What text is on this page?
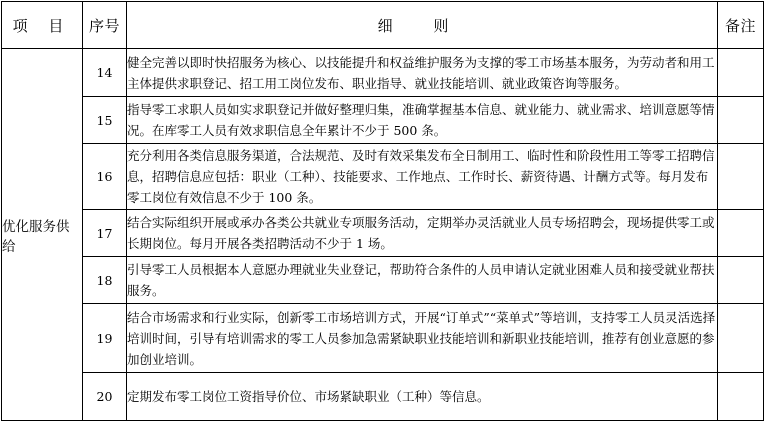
项 目	序号	细 则	备注
优化服务供给	14	健全完善以即时快招服务为核心、以技能提升和权益维护服务为支撑的零工市场基本服务，为劳动者和用工主体提供求职登记、招工用工岗位发布、职业指导、就业技能培训、就业政策咨询等服务。	
	15	指导零工求职人员如实求职登记并做好整理归集，准确掌握基本信息、就业能力、就业需求、培训意愿等情况。在库零工人员有效求职信息全年累计不少于 500 条。	
	16	充分利用各类信息服务渠道，合法规范、及时有效采集发布全日制用工、临时性和阶段性用工等零工招聘信息，招聘信息应包括：职业（工种）、技能要求、工作地点、工作时长、薪资待遇、计酬方式等。每月发布零工岗位有效信息不少于 100 条。	
	17	结合实际组织开展或承办各类公共就业专项服务活动，定期举办灵活就业人员专场招聘会，现场提供零工或长期岗位。每月开展各类招聘活动不少于 1 场。	
	18	引导零工人员根据本人意愿办理就业失业登记，帮助符合条件的人员申请认定就业困难人员和接受就业帮扶服务。	
	19	结合市场需求和行业实际，创新零工市场培训方式，开展“订单式”“菜单式”等培训，支持零工人员灵活选择培训时间，引导有培训需求的零工人员参加急需紧缺职业技能培训和新职业技能培训，推荐有创业意愿的参加创业培训。	
	20	定期发布零工岗位工资指导价位、市场紧缺职业（工种）等信息。	
